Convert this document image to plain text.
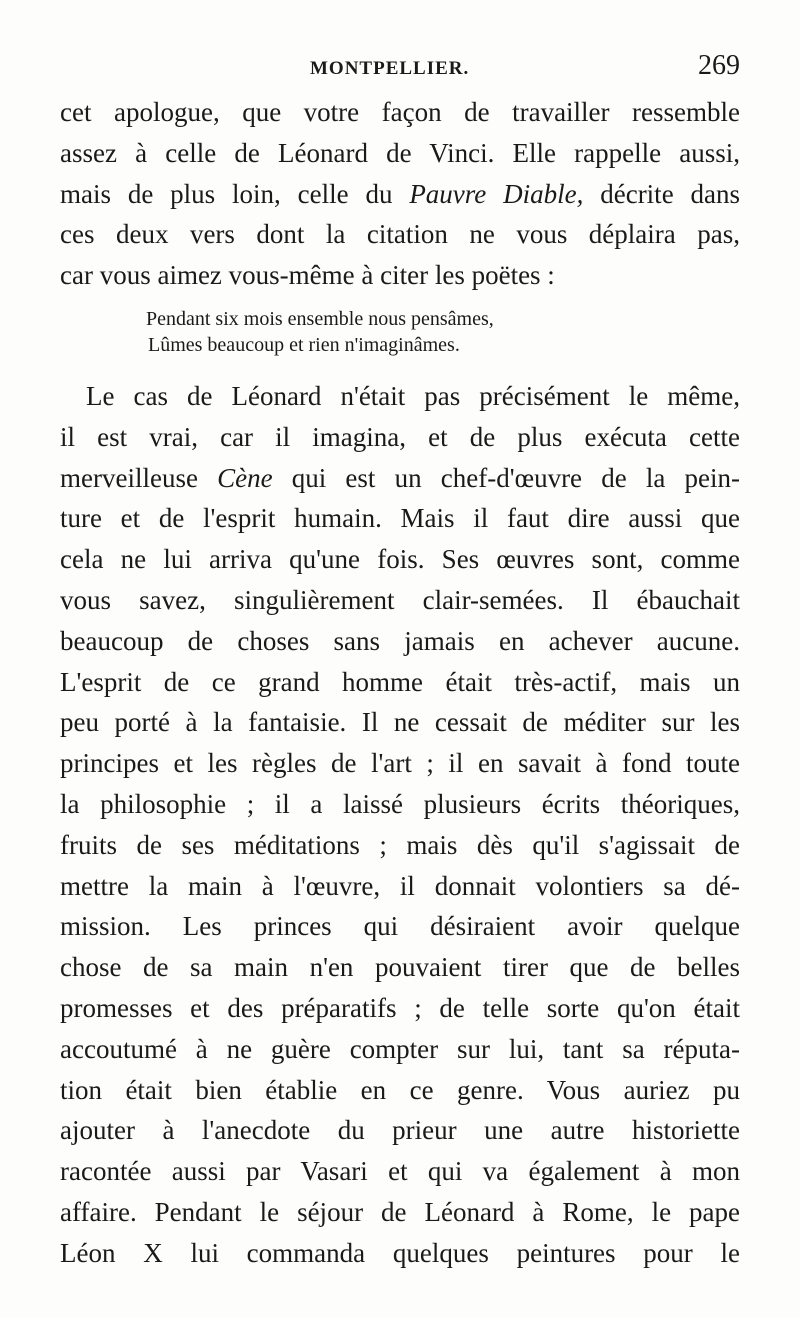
MONTPELLIER.	269
cet apologue, que votre façon de travailler ressemble
assez à celle de Léonard de Vinci. Elle rappelle aussi,
mais de plus loin, celle du Pauvre Diable, décrite dans
ces deux vers dont la citation ne vous déplaira pas,
car vous aimez vous-même à citer les poëtes :
Pendant six mois ensemble nous pensâmes,
Lûmes beaucoup et rien n'imaginâmes.
Le cas de Léonard n'était pas précisément le même,
il est vrai, car il imagina, et de plus exécuta cette
merveilleuse Cène qui est un chef-d'œuvre de la pein-
ture et de l'esprit humain. Mais il faut dire aussi que
cela ne lui arriva qu'une fois. Ses œuvres sont, comme
vous savez, singulièrement clair-semées. Il ébauchait
beaucoup de choses sans jamais en achever aucune.
L'esprit de ce grand homme était très-actif, mais un
peu porté à la fantaisie. Il ne cessait de méditer sur les
principes et les règles de l'art ; il en savait à fond toute
la philosophie ; il a laissé plusieurs écrits théoriques,
fruits de ses méditations ; mais dès qu'il s'agissait de
mettre la main à l'œuvre, il donnait volontiers sa dé-
mission. Les princes qui désiraient avoir quelque
chose de sa main n'en pouvaient tirer que de belles
promesses et des préparatifs ; de telle sorte qu'on était
accoutumé à ne guère compter sur lui, tant sa réputa-
tion était bien établie en ce genre. Vous auriez pu
ajouter à l'anecdote du prieur une autre historiette
racontée aussi par Vasari et qui va également à mon
affaire. Pendant le séjour de Léonard à Rome, le pape
Léon X lui commanda quelques peintures pour le
